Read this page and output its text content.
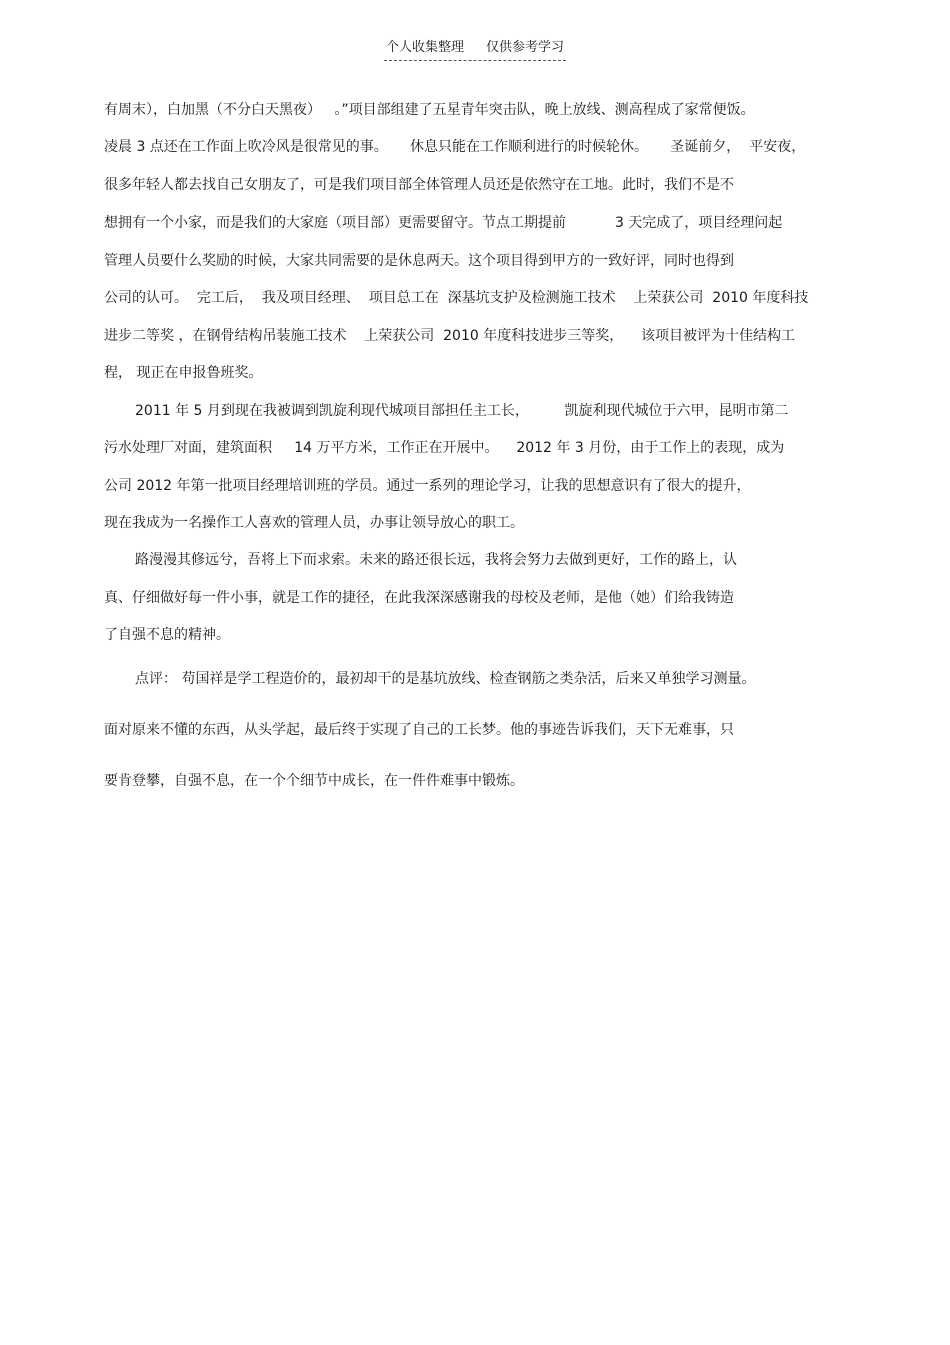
个人收集整理 仅供参考学习
有周末），白加黑（不分白天黑夜）   。”项目部组建了五星青年突击队，晚上放线、测高程成了家常便饭。
凌晨 3 点还在工作面上吹冷风是很常见的事。     休息只能在工作顺利进行的时候轮休。     圣诞前夕，  平安夜，
很多年轻人都去找自己女朋友了，可是我们项目部全体管理人员还是依然守在工地。此时，我们不是不
想拥有一个小家，而是我们的大家庭（项目部）更需要留守。节点工期提前           3 天完成了，项目经理问起
管理人员要什么奖励的时候，大家共同需要的是休息两天。这个项目得到甲方的一致好评，同时也得到
公司的认可。  完工后，  我及项目经理、  项目总工在  深基坑支护及检测施工技术    上荣获公司  2010 年度科技
进步二等奖 ，在钢骨结构吊装施工技术    上荣获公司  2010 年度科技进步三等奖，    该项目被评为十佳结构工
程， 现正在申报鲁班奖。
2011 年 5 月到现在我被调到凯旋利现代城项目部担任主工长，        凯旋利现代城位于六甲，昆明市第二
污水处理厂对面，建筑面积     14 万平方米，工作正在开展中。    2012 年 3 月份，由于工作上的表现，成为
公司 2012 年第一批项目经理培训班的学员。通过一系列的理论学习，让我的思想意识有了很大的提升，
现在我成为一名操作工人喜欢的管理人员，办事让领导放心的职工。
路漫漫其修远兮，吾将上下而求索。未来的路还很长远，我将会努力去做到更好，工作的路上，认
真、仔细做好每一件小事，就是工作的捷径，在此我深深感谢我的母校及老师，是他（她）们给我铸造
了自强不息的精神。
点评： 苟国祥是学工程造价的，最初却干的是基坑放线、检查钢筋之类杂活，后来又单独学习测量。
面对原来不懂的东西，从头学起，最后终于实现了自己的工长梦。他的事迹告诉我们，天下无难事，只
要肯登攀，自强不息，在一个个细节中成长，在一件件难事中锻炼。
